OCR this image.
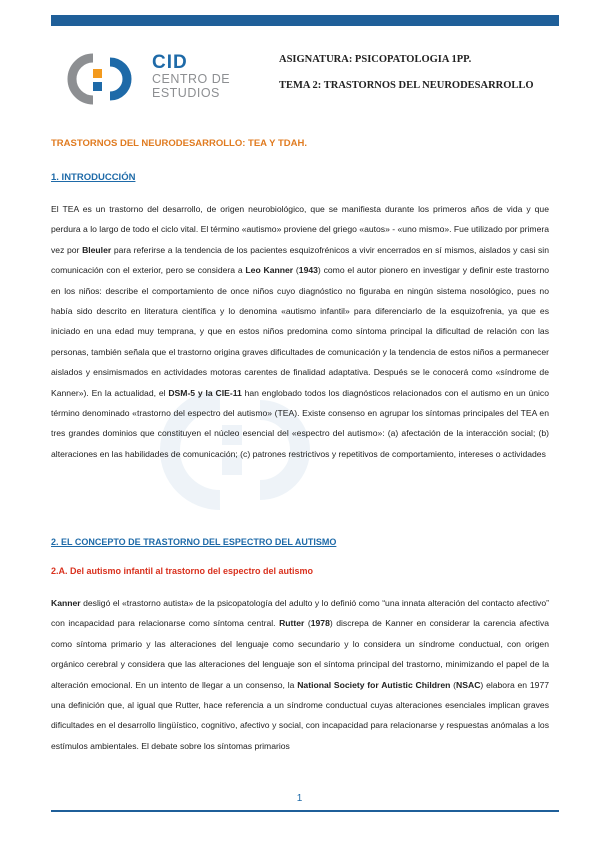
CID
CENTRO DE
ESTUDIOS
ASIGNATURA: PSICOPATOLOGIA 1PP.
TEMA 2: TRASTORNOS DEL NEURODESARROLLO
TRASTORNOS DEL NEURODESARROLLO: TEA Y TDAH.
1. INTRODUCCIÓN

El TEA es un trastorno del desarrollo, de origen neurobiológico, que se manifiesta durante los primeros años de vida y que perdura a lo largo de todo el ciclo vital. El término «autismo» proviene del griego «autos» - «uno mismo». Fue utilizado por primera vez por Bleuler para referirse a la tendencia de los pacientes esquizofrénicos a vivir encerrados en sí mismos, aislados y casi sin comunicación con el exterior, pero se considera a Leo Kanner (1943) como el autor pionero en investigar y definir este trastorno en los niños: describe el comportamiento de once niños cuyo diagnóstico no figuraba en ningún sistema nosológico, pues no había sido descrito en literatura científica y lo denomina «autismo infantil» para diferenciarlo de la esquizofrenia, ya que es iniciado en una edad muy temprana, y que en estos niños predomina como síntoma principal la dificultad de relación con las personas, también señala que el trastorno origina graves dificultades de comunicación y la tendencia de estos niños a permanecer aislados y ensimismados en actividades motoras carentes de finalidad adaptativa. Después se le conocerá como «síndrome de Kanner»). En la actualidad, el DSM-5 y la CIE-11 han englobado todos los diagnósticos relacionados con el autismo en un único término denominado «trastorno del espectro del autismo» (TEA). Existe consenso en agrupar los síntomas principales del TEA en tres grandes dominios que constituyen el núcleo esencial del «espectro del autismo»: (a) afectación de la interacción social; (b) alteraciones en las habilidades de comunicación; (c) patrones restrictivos y repetitivos de comportamiento, intereses o actividades

2. EL CONCEPTO DE TRASTORNO DEL ESPECTRO DEL AUTISMO
2.A. Del autismo infantil al trastorno del espectro del autismo

Kanner desligó el «trastorno autista» de la psicopatología del adulto y lo definió como “una innata alteración del contacto afectivo” con incapacidad para relacionarse como síntoma central. Rutter (1978) discrepa de Kanner en considerar la carencia afectiva como síntoma primario y las alteraciones del lenguaje como secundario y lo considera un síndrome conductual, con origen orgánico cerebral y considera que las alteraciones del lenguaje son el síntoma principal del trastorno, minimizando el papel de la alteración emocional. En un intento de llegar a un consenso, la National Society for Autistic Children (NSAC) elabora en 1977 una definición que, al igual que Rutter, hace referencia a un síndrome conductual cuyas alteraciones esenciales implican graves dificultades en el desarrollo lingüístico, cognitivo, afectivo y social, con incapacidad para relacionarse y respuestas anómalas a los estímulos ambientales. El debate sobre los síntomas primarios

1
